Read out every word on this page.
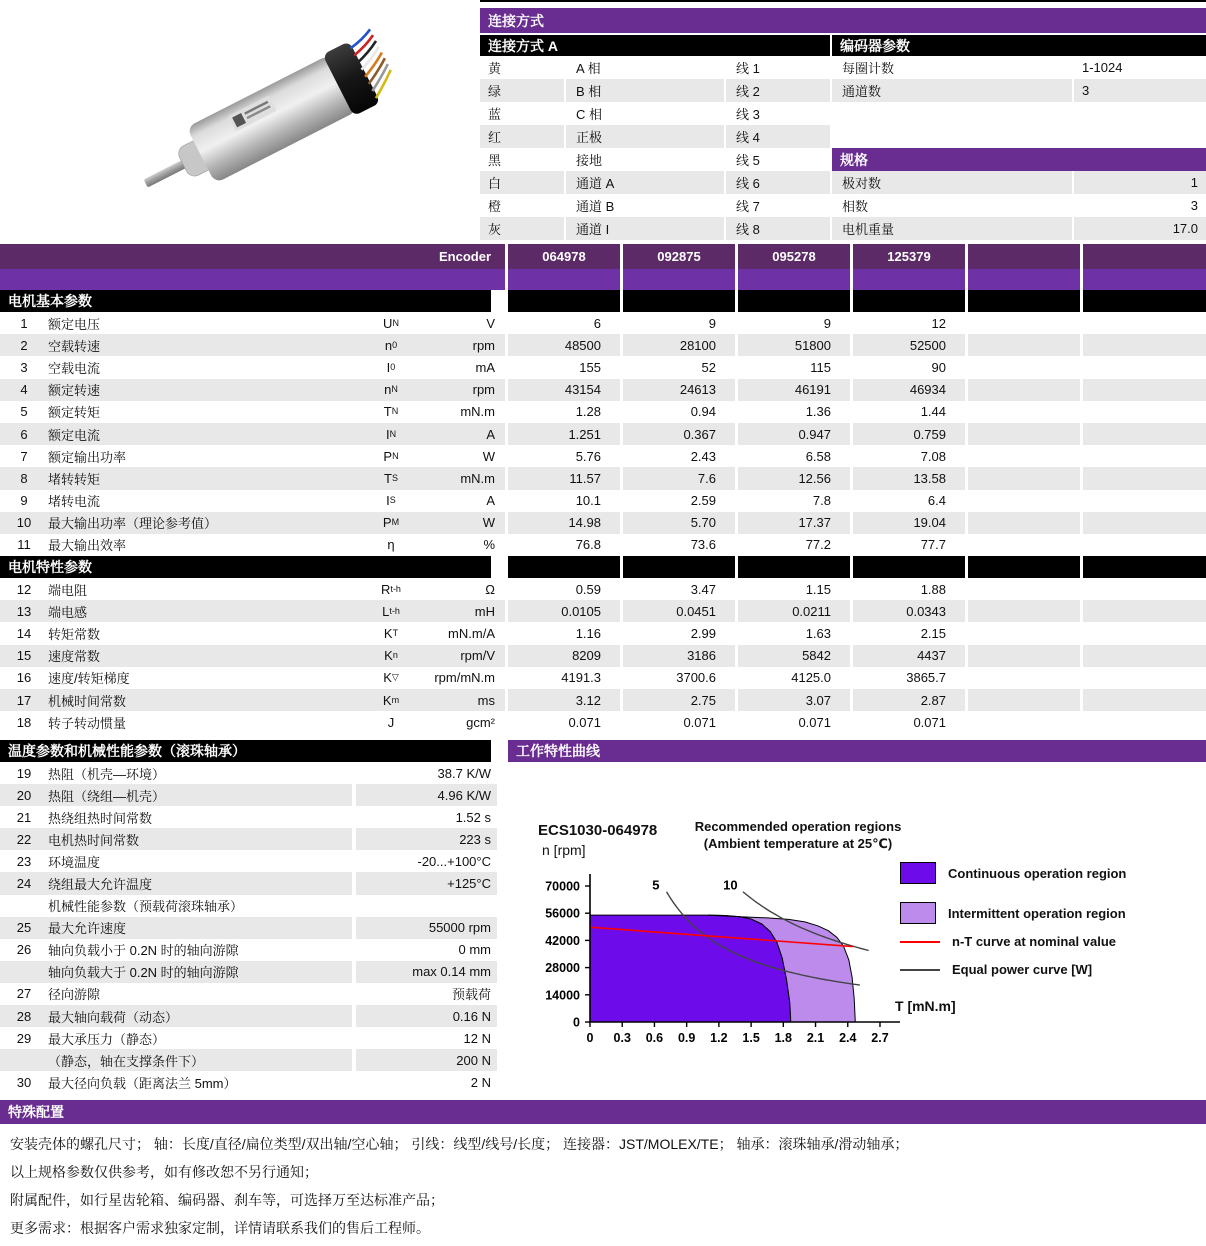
连接方式
连接方式 A
黄	A 相	线 1
绿	B 相	线 2
蓝	C 相	线 3
红	正极	线 4
黑	接地	线 5
白	通道 A	线 6
橙	通道 B	线 7
灰	通道 I	线 8
编码器参数
每圈计数	1-1024
通道数	3
规格
极对数	1
相数	3
电机重量	17.0
Encoder	064978	092875	095278	125379
电机基本参数
1	额定电压	U N	V	6	9	9	12
2	空载转速	n 0	rpm	48500	28100	51800	52500
3	空载电流	I 0	mA	155	52	115	90
4	额定转速	n N	rpm	43154	24613	46191	46934
5	额定转矩	T N	mN.m	1.28	0.94	1.36	1.44
6	额定电流	I N	A	1.251	0.367	0.947	0.759
7	额定输出功率	P N	W	5.76	2.43	6.58	7.08
8	堵转转矩	T S	mN.m	11.57	7.6	12.56	13.58
9	堵转电流	I S	A	10.1	2.59	7.8	6.4
10	最大输出功率（理论参考值）	P M	W	14.98	5.70	17.37	19.04
11	最大输出效率	η	%	76.8	73.6	77.2	77.7
电机特性参数
12	端电阻	R t-h	Ω	0.59	3.47	1.15	1.88
13	端电感	L t-h	mH	0.0105	0.0451	0.0211	0.0343
14	转矩常数	K T	mN.m/A	1.16	2.99	1.63	2.15
15	速度常数	K n	rpm/V	8209	3186	5842	4437
16	速度/转矩梯度	K ▽	rpm/mN.m	4191.3	3700.6	4125.0	3865.7
17	机械时间常数	K m	ms	3.12	2.75	3.07	2.87
18	转子转动惯量	J	gcm²	0.071	0.071	0.071	0.071
温度参数和机械性能参数（滚珠轴承）
19	热阻（机壳—环境）	38.7 K/W
20	热阻（绕组—机壳）	4.96 K/W
21	热绕组热时间常数	1.52 s
22	电机热时间常数	223 s
23	环境温度	-20...+100°C
24	绕组最大允许温度	+125°C
机械性能参数（预载荷滚珠轴承）
25	最大允许速度	55000 rpm
26	轴向负载小于 0.2N 时的轴向游隙	0 mm
轴向负载大于 0.2N 时的轴向游隙	max 0.14 mm
27	径向游隙	预载荷
28	最大轴向载荷（动态）	0.16 N
29	最大承压力（静态）	12 N
（静态，轴在支撑条件下）	200 N
30	最大径向负载（距离法兰 5mm）	2 N
工作特性曲线
ECS1030-064978
n [rpm]
Recommended operation regions
(Ambient temperature at 25℃)
5	10
0
14000
28000
42000
56000
70000
0 0.3 0.6 0.9 1.2 1.5 1.8 2.1 2.4 2.7
Continuous operation region
Intermittent operation region
n-T curve at nominal value
Equal power curve [W]
T [mN.m]
特殊配置
安装壳体的螺孔尺寸； 轴：长度/直径/扁位类型/双出轴/空心轴； 引线：线型/线号/长度； 连接器：JST/MOLEX/TE； 轴承：滚珠轴承/滑动轴承；
以上规格参数仅供参考，如有修改恕不另行通知；
附属配件，如行星齿轮箱、编码器、刹车等，可选择万至达标准产品；
更多需求：根据客户需求独家定制，详情请联系我们的售后工程师。
